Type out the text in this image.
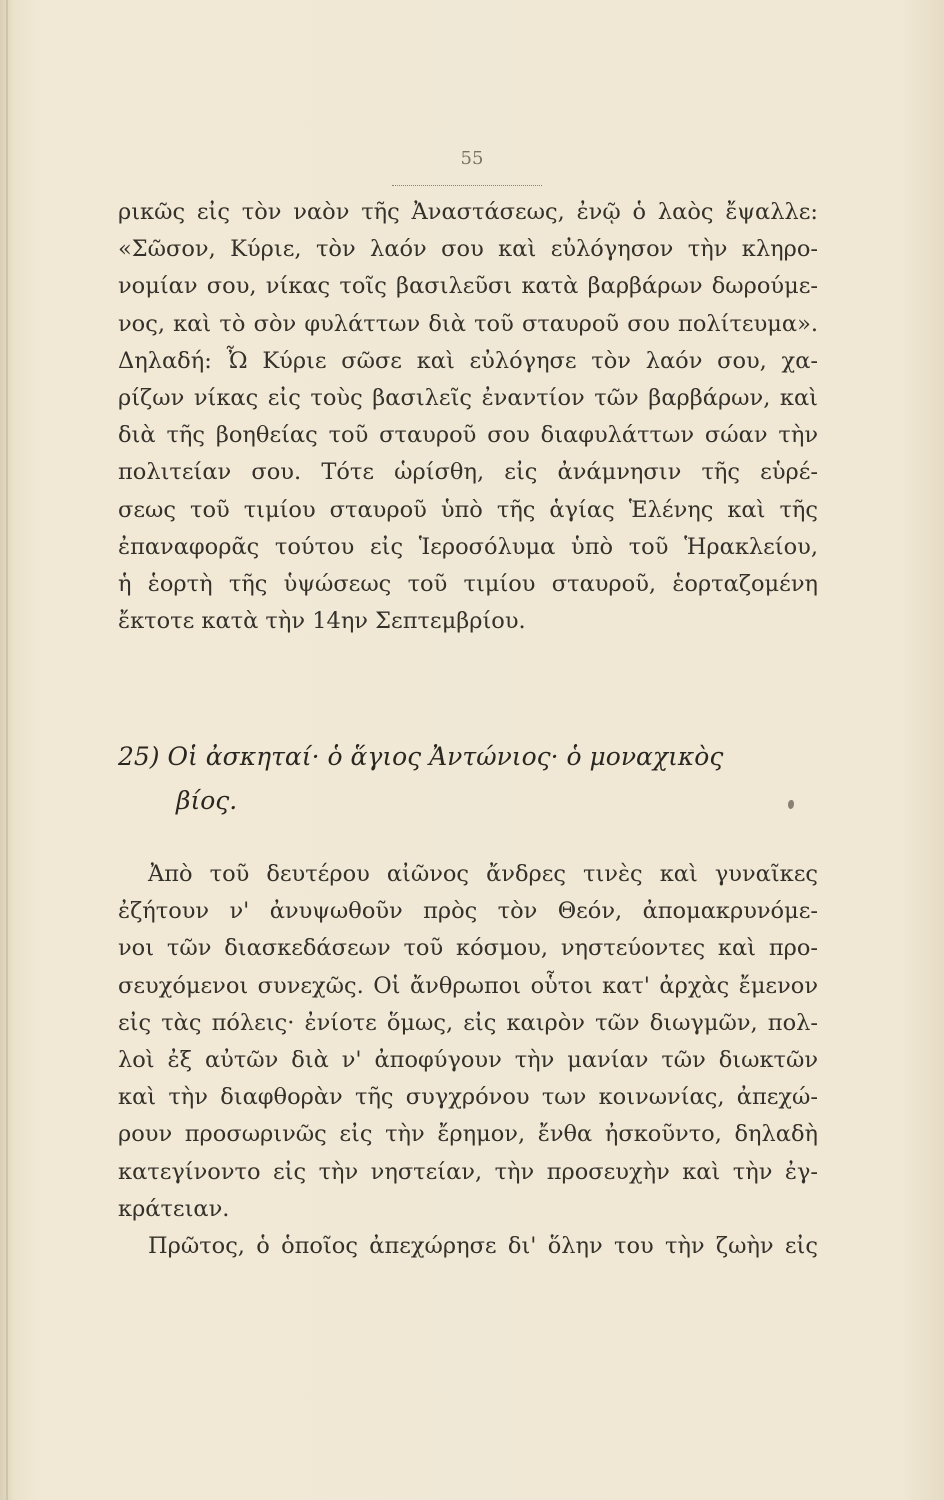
55
ρικῶς εἰς τὸν ναὸν τῆς Ἀναστάσεως, ἐνῷ ὁ λαὸς ἔψαλλε:
«Σῶσον, Κύριε, τὸν λαόν σου καὶ εὐλόγησον τὴν κληρο-
νομίαν σου, νίκας τοῖς βασιλεῦσι κατὰ βαρβάρων δωρούμε-
νος, καὶ τὸ σὸν φυλάττων διὰ τοῦ σταυροῦ σου πολίτευμα».
Δηλαδή: Ὦ Κύριε σῶσε καὶ εὐλόγησε τὸν λαόν σου, χα-
ρίζων νίκας εἰς τοὺς βασιλεῖς ἐναντίον τῶν βαρβάρων, καὶ
διὰ τῆς βοηθείας τοῦ σταυροῦ σου διαφυλάττων σώαν τὴν
πολιτείαν σου. Τότε ὡρίσθη, εἰς ἀνάμνησιν τῆς εὑρέ-
σεως τοῦ τιμίου σταυροῦ ὑπὸ τῆς ἁγίας Ἑλένης καὶ τῆς
ἐπαναφορᾶς τούτου εἰς Ἱεροσόλυμα ὑπὸ τοῦ Ἡρακλείου,
ἡ ἑορτὴ τῆς ὑψώσεως τοῦ τιμίου σταυροῦ, ἑορταζομένη
ἔκτοτε κατὰ τὴν 14ην Σεπτεμβρίου.
25) Οἱ ἀσκηταί· ὁ ἅγιος Ἀντώνιος· ὁ μοναχικὸς
βίος.
Ἀπὸ τοῦ δευτέρου αἰῶνος ἄνδρες τινὲς καὶ γυναῖκες
ἐζήτουν ν' ἀνυψωθοῦν πρὸς τὸν Θεόν, ἀπομακρυνόμε-
νοι τῶν διασκεδάσεων τοῦ κόσμου, νηστεύοντες καὶ προ-
σευχόμενοι συνεχῶς. Οἱ ἄνθρωποι οὗτοι κατ' ἀρχὰς ἔμενον
εἰς τὰς πόλεις· ἐνίοτε ὅμως, εἰς καιρὸν τῶν διωγμῶν, πολ-
λοὶ ἐξ αὐτῶν διὰ ν' ἀποφύγουν τὴν μανίαν τῶν διωκτῶν
καὶ τὴν διαφθορὰν τῆς συγχρόνου των κοινωνίας, ἀπεχώ-
ρουν προσωρινῶς εἰς τὴν ἔρημον, ἔνθα ἠσκοῦντο, δηλαδὴ
κατεγίνοντο εἰς τὴν νηστείαν, τὴν προσευχὴν καὶ τὴν ἐγ-
κράτειαν.
Πρῶτος, ὁ ὁποῖος ἀπεχώρησε δι' ὅλην του τὴν ζωὴν εἰς
